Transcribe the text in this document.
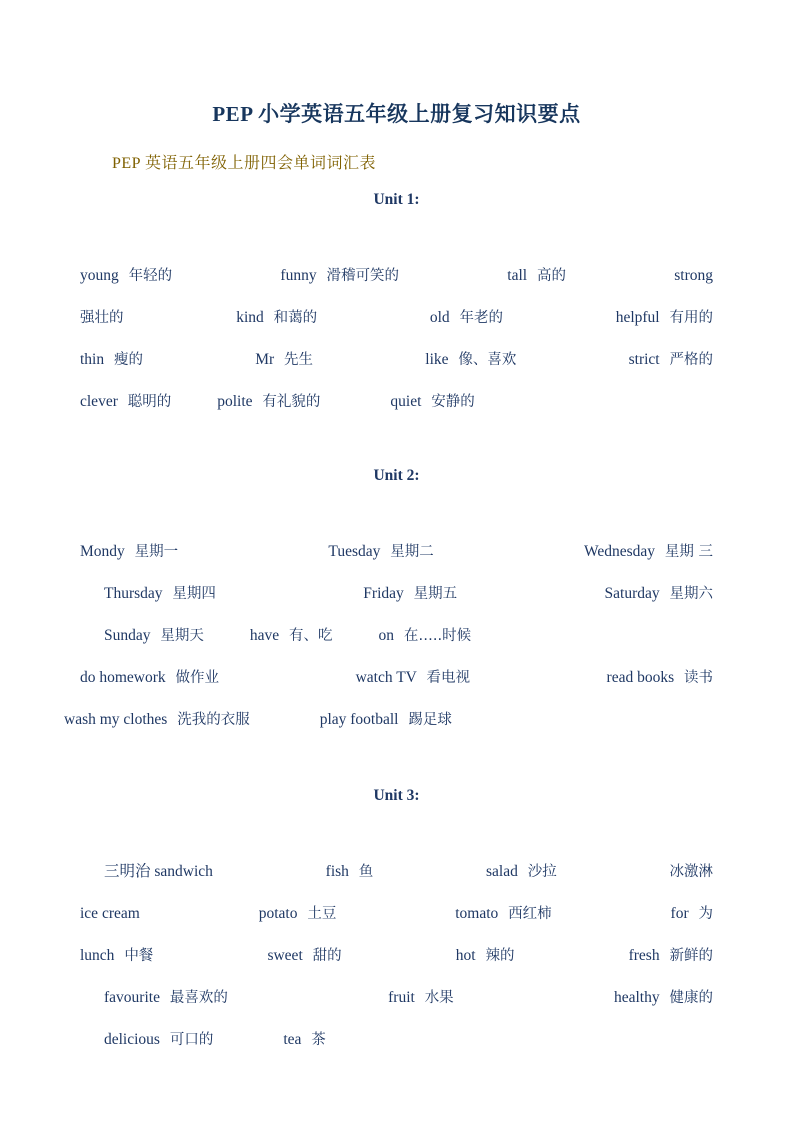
PEP 小学英语五年级上册复习知识要点
PEP 英语五年级上册四会单词词汇表
Unit 1:
young 年轻的	funny 滑稽可笑的	tall 高的	strong
强壮的	kind 和蔼的	old 年老的	helpful 有用的
thin 瘦的	Mr 先生	like 像、喜欢	strict 严格的
clever 聪明的	polite 有礼貌的	quiet 安静的
Unit 2:
Mondy 星期一	Tuesday 星期二	Wednesday 星期 三
Thursday 星期四	Friday 星期五	Saturday 星期六
Sunday 星期天	have 有、吃	on 在…..时候
do homework 做作业	watch TV 看电视	read books 读书
wash my clothes 洗我的衣服	play football 踢足球
Unit 3:
三明治 sandwich	fish 鱼	salad 沙拉	冰激淋
ice cream	potato 土豆	tomato 西红柿	for 为
lunch 中餐	sweet 甜的	hot 辣的	fresh 新鲜的
favourite 最喜欢的	fruit 水果	healthy 健康的
delicious 可口的	tea 茶
